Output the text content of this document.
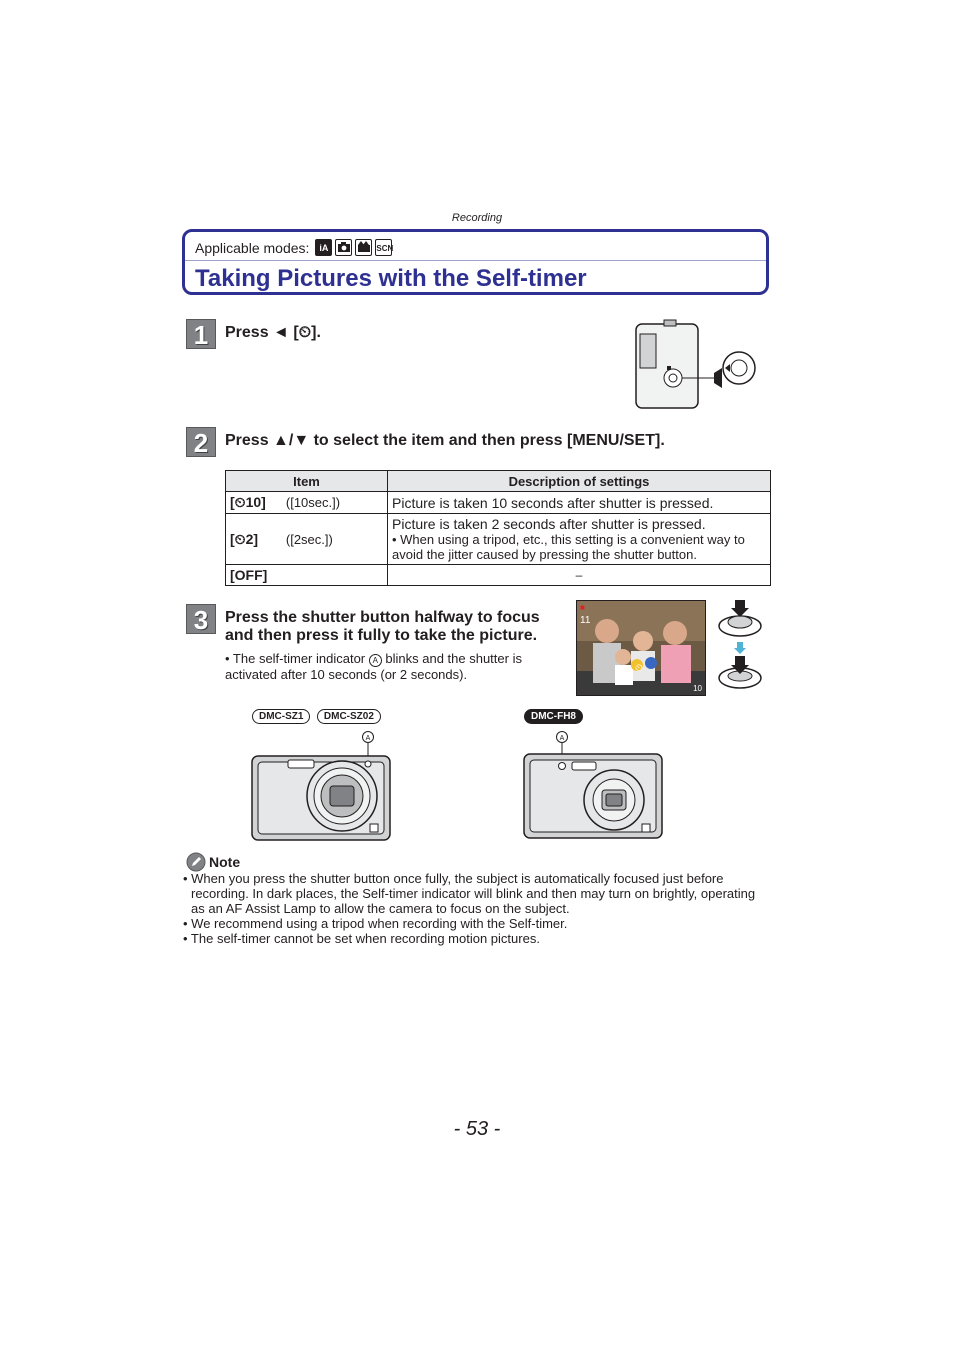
Recording
Applicable modes:	iA	SCN
Taking Pictures with the Self-timer
1	Press ◄ [⏲].
2	Press ▲/▼ to select the item and then press [MENU/SET].
Item	Description of settings
[⏲10] ([10sec.])	Picture is taken 10 seconds after shutter is pressed.
[⏲2] ([2sec.])	Picture is taken 2 seconds after shutter is pressed.
• When using a tripod, etc., this setting is a convenient way to avoid the jitter caused by pressing the shutter button.

[OFF]	–
3	Press the shutter button halfway to focus
and then press it fully to take the picture.
• The self-timer indicator A blinks and the shutter is activated after 10 seconds (or 2 seconds).
■
11
⏲
10
DMC-SZ1 DMC-SZ02	DMC-FH8
A	A
Note
• When you press the shutter button once fully, the subject is automatically focused just before recording. In dark places, the Self-timer indicator will blink and then may turn on brightly, operating as an AF Assist Lamp to allow the camera to focus on the subject.
• We recommend using a tripod when recording with the Self-timer.
• The self-timer cannot be set when recording motion pictures.
- 53 -
